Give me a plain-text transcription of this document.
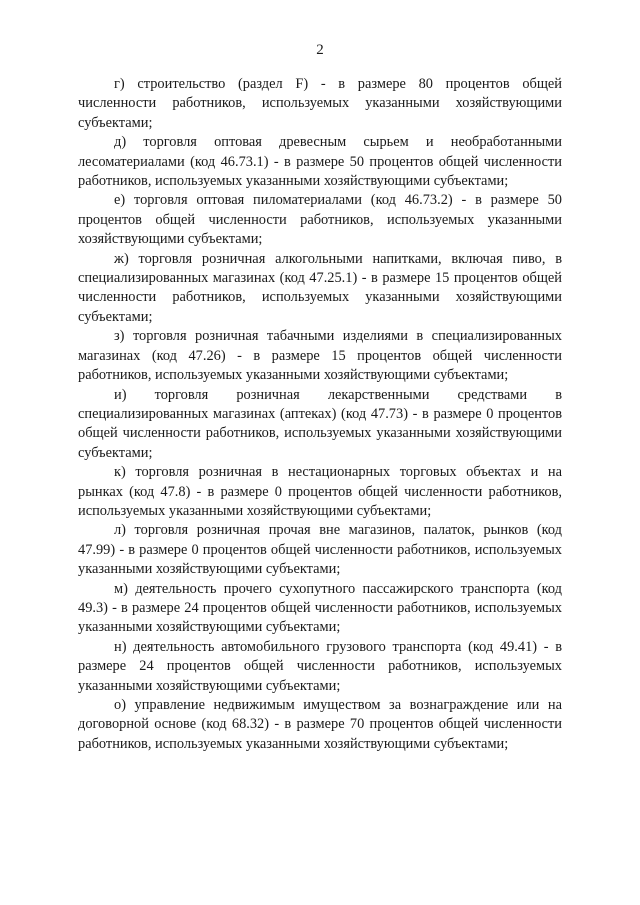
2

г) строительство (раздел F) - в размере 80 процентов общей численности работников, используемых указанными хозяйствующими субъектами;

д) торговля оптовая древесным сырьем и необработанными лесоматериалами (код 46.73.1) - в размере 50 процентов общей численности работников, используемых указанными хозяйствующими субъектами;

е) торговля оптовая пиломатериалами (код 46.73.2) - в размере 50 процентов общей численности работников, используемых указанными хозяйствующими субъектами;

ж) торговля розничная алкогольными напитками, включая пиво, в специализированных магазинах (код 47.25.1) - в размере 15 процентов общей численности работников, используемых указанными хозяйствующими субъектами;

з) торговля розничная табачными изделиями в специализированных магазинах (код 47.26) - в размере 15 процентов общей численности работников, используемых указанными хозяйствующими субъектами;

и) торговля розничная лекарственными средствами в специализированных магазинах (аптеках) (код 47.73) - в размере 0 процентов общей численности работников, используемых указанными хозяйствующими субъектами;

к) торговля розничная в нестационарных торговых объектах и на рынках (код 47.8) - в размере 0 процентов общей численности работников, используемых указанными хозяйствующими субъектами;

л) торговля розничная прочая вне магазинов, палаток, рынков (код 47.99) - в размере 0 процентов общей численности работников, используемых указанными хозяйствующими субъектами;

м) деятельность прочего сухопутного пассажирского транспорта (код 49.3) - в размере 24 процентов общей численности работников, используемых указанными хозяйствующими субъектами;

н) деятельность автомобильного грузового транспорта (код 49.41) - в размере 24 процентов общей численности работников, используемых указанными хозяйствующими субъектами;

о) управление недвижимым имуществом за вознаграждение или на договорной основе (код 68.32) - в размере 70 процентов общей численности работников, используемых указанными хозяйствующими субъектами;
